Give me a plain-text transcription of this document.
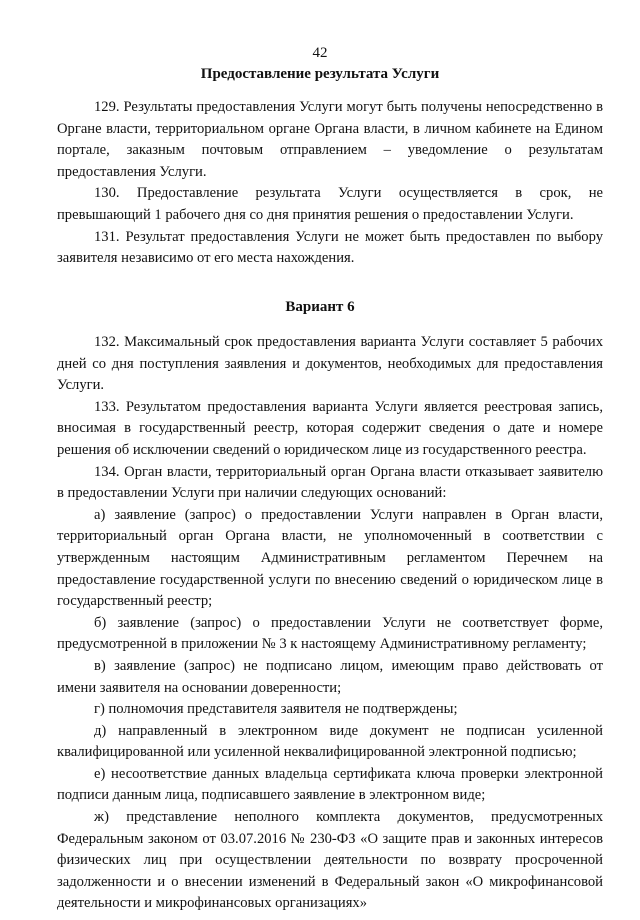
42
Предоставление результата Услуги

129. Результаты предоставления Услуги могут быть получены непосредственно в Органе власти, территориальном органе Органа власти, в личном кабинете на Едином портале, заказным почтовым отправлением – уведомление о результатам предоставления Услуги.

130. Предоставление результата Услуги осуществляется в срок, не превышающий 1 рабочего дня со дня принятия решения о предоставлении Услуги.

131. Результат предоставления Услуги не может быть предоставлен по выбору заявителя независимо от его места нахождения.

Вариант 6

132. Максимальный срок предоставления варианта Услуги составляет 5 рабочих дней со дня поступления заявления и документов, необходимых для предоставления Услуги.

133. Результатом предоставления варианта Услуги является реестровая запись, вносимая в государственный реестр, которая содержит сведения о дате и номере решения об исключении сведений о юридическом лице из государственного реестра.

134. Орган власти, территориальный орган Органа власти отказывает заявителю в предоставлении Услуги при наличии следующих оснований:

а) заявление (запрос) о предоставлении Услуги направлен в Орган власти, территориальный орган Органа власти, не уполномоченный в соответствии с утвержденным настоящим Административным регламентом Перечнем на предоставление государственной услуги по внесению сведений о юридическом лице в государственный реестр;

б) заявление (запрос) о предоставлении Услуги не соответствует форме, предусмотренной в приложении № 3 к настоящему Административному регламенту;

в) заявление (запрос) не подписано лицом, имеющим право действовать от имени заявителя на основании доверенности;

г) полномочия представителя заявителя не подтверждены;

д) направленный в электронном виде документ не подписан усиленной квалифицированной или усиленной неквалифицированной электронной подписью;

е) несоответствие данных владельца сертификата ключа проверки электронной подписи данным лица, подписавшего заявление в электронном виде;

ж) представление неполного комплекта документов, предусмотренных Федеральным законом от 03.07.2016 № 230-ФЗ «О защите прав и законных интересов физических лиц при осуществлении деятельности по возврату просроченной задолженности и о внесении изменений в Федеральный закон «О микрофинансовой деятельности и микрофинансовых организациях»
